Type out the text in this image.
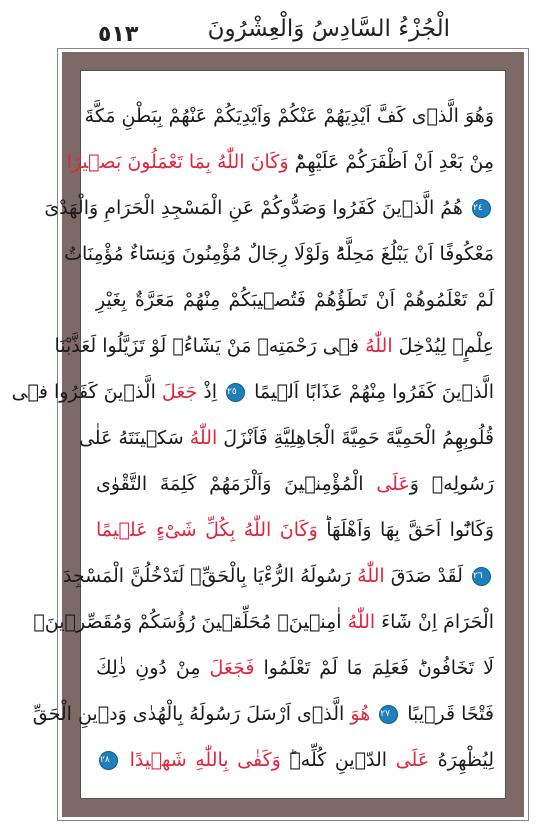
٥١٣	الْجُزْءُ السَّادِسُ وَالْعِشْرُونَ
وَهُوَ الَّذٖى كَفَّ اَيْدِيَهُمْ عَنْكُمْ وَاَيْدِيَكُمْ عَنْهُمْ بِبَطْنِ مَكَّةَ
مِنْ بَعْدِ اَنْ اَظْفَرَكُمْ عَلَيْهِمْؕ وَكَانَ اللّٰهُ بِمَا تَعْمَلُونَ بَصٖيرًا
٢٤ هُمُ الَّذٖينَ كَفَرُوا وَصَدُّوكُمْ عَنِ الْمَسْجِدِ الْحَرَامِ وَالْهَدْىَ
مَعْكُوفًا اَنْ يَبْلُغَ مَحِلَّهُؕ وَلَوْلَا رِجَالٌ مُؤْمِنُونَ وَنِسَٓاءٌ مُؤْمِنَاتٌ
لَمْ تَعْلَمُوهُمْ اَنْ تَطَؤُهُمْ فَتُصٖيبَكُمْ مِنْهُمْ مَعَرَّةٌ بِغَيْرِ
عِلْمٍۚ لِيُدْخِلَ اللّٰهُ فٖى رَحْمَتِهٖ مَنْ يَشَٓاءُۚ لَوْ تَزَيَّلُوا لَعَذَّبْنَا
الَّذٖينَ كَفَرُوا مِنْهُمْ عَذَابًا اَلٖيمًا ٢٥ اِذْ جَعَلَ الَّذٖينَ كَفَرُوا فٖى
قُلُوبِهِمُ الْحَمِيَّةَ حَمِيَّةَ الْجَاهِلِيَّةِ فَاَنْزَلَ اللّٰهُ سَكٖينَتَهُ عَلٰى
رَسُولِهٖ وَعَلَى الْمُؤْمِنٖينَ وَاَلْزَمَهُمْ كَلِمَةَ التَّقْوٰى
وَكَانُٓوا اَحَقَّ بِهَا وَاَهْلَهَاؕ وَكَانَ اللّٰهُ بِكُلِّ شَىْءٍ عَلٖيمًا
٢٦ لَقَدْ صَدَقَ اللّٰهُ رَسُولَهُ الرُّءْيَا بِالْحَقِّۚ لَتَدْخُلُنَّ الْمَسْجِدَ
الْحَرَامَ اِنْ شَٓاءَ اللّٰهُ اٰمِنٖينَۙ مُحَلِّقٖينَ رُؤُسَكُمْ وَمُقَصِّرٖينَۙ
لَا تَخَافُونَؕ فَعَلِمَ مَا لَمْ تَعْلَمُوا فَجَعَلَ مِنْ دُونِ ذٰلِكَ
فَتْحًا قَرٖيبًا ٢٧ هُوَ الَّذٖى اَرْسَلَ رَسُولَهُ بِالْهُدٰى وَدٖينِ الْحَقِّ
لِيُظْهِرَهُ عَلَى الدّٖينِ كُلِّهٖؕ وَكَفٰى بِاللّٰهِ شَهٖيدًا ٢٨
